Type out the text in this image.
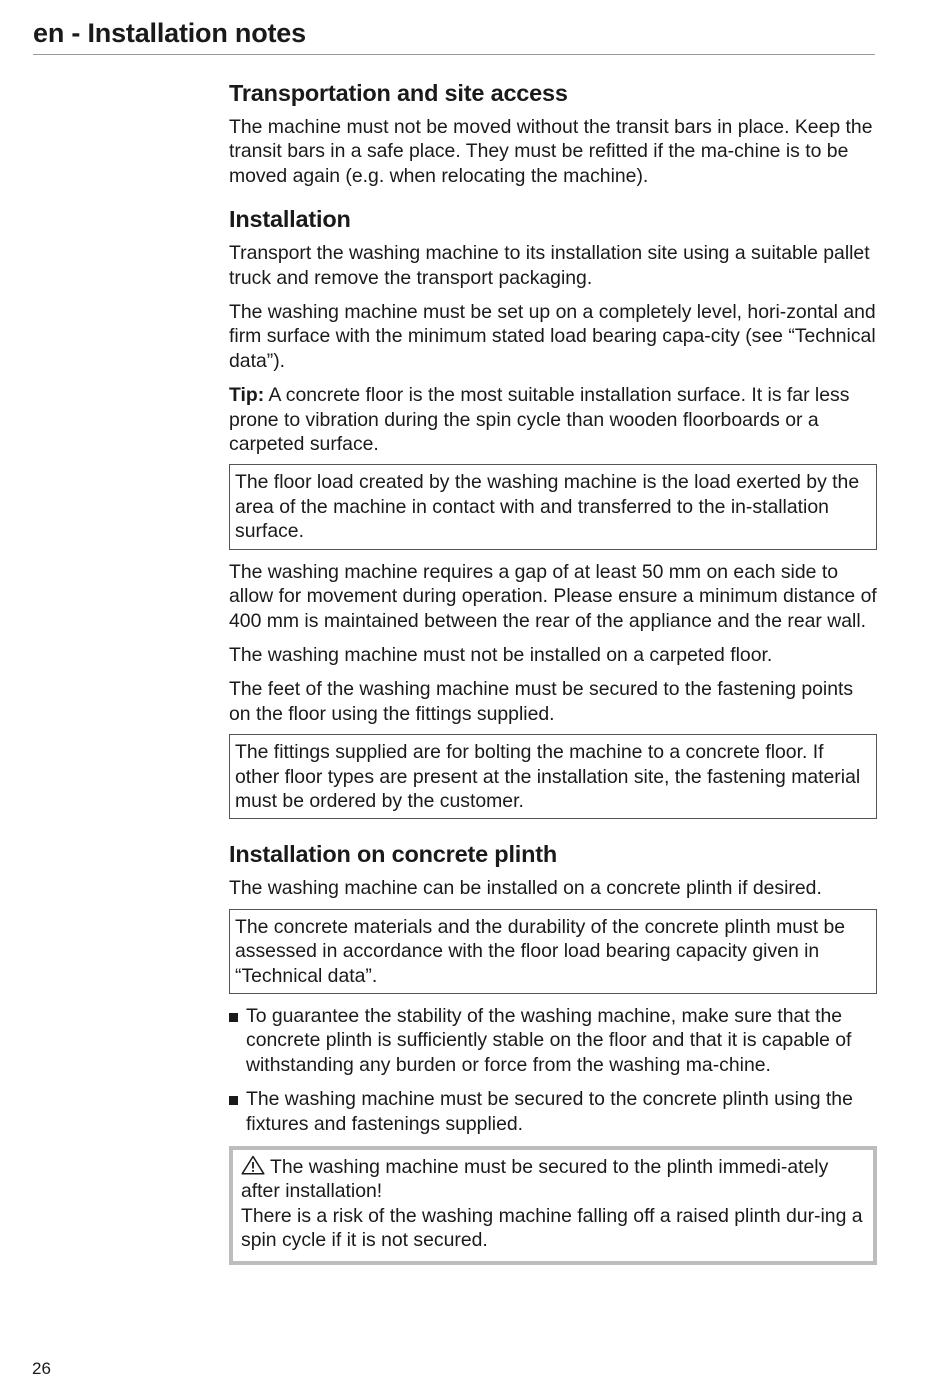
en - Installation notes
Transportation and site access

The machine must not be moved without the transit bars in place. Keep the transit bars in a safe place. They must be refitted if the ma-chine is to be moved again (e.g. when relocating the machine).

Installation

Transport the washing machine to its installation site using a suitable pallet truck and remove the transport packaging.

The washing machine must be set up on a completely level, hori-zontal and firm surface with the minimum stated load bearing capa-city (see “Technical data”).

Tip: A concrete floor is the most suitable installation surface. It is far less prone to vibration during the spin cycle than wooden floorboards or a carpeted surface.

The floor load created by the washing machine is the load exerted by the area of the machine in contact with and transferred to the in-stallation surface.

The washing machine requires a gap of at least 50 mm on each side to allow for movement during operation. Please ensure a minimum distance of 400 mm is maintained between the rear of the appliance and the rear wall.

The washing machine must not be installed on a carpeted floor.

The feet of the washing machine must be secured to the fastening points on the floor using the fittings supplied.

The fittings supplied are for bolting the machine to a concrete floor. If other floor types are present at the installation site, the fastening material must be ordered by the customer.

Installation on concrete plinth

The washing machine can be installed on a concrete plinth if desired.

The concrete materials and the durability of the concrete plinth must be assessed in accordance with the floor load bearing capacity given in “Technical data”.

To guarantee the stability of the washing machine, make sure that the concrete plinth is sufficiently stable on the floor and that it is capable of withstanding any burden or force from the washing ma-chine.
The washing machine must be secured to the concrete plinth using the fixtures and fastenings supplied.

The washing machine must be secured to the plinth immedi-ately after installation!

There is a risk of the washing machine falling off a raised plinth dur-ing a spin cycle if it is not secured.

26
